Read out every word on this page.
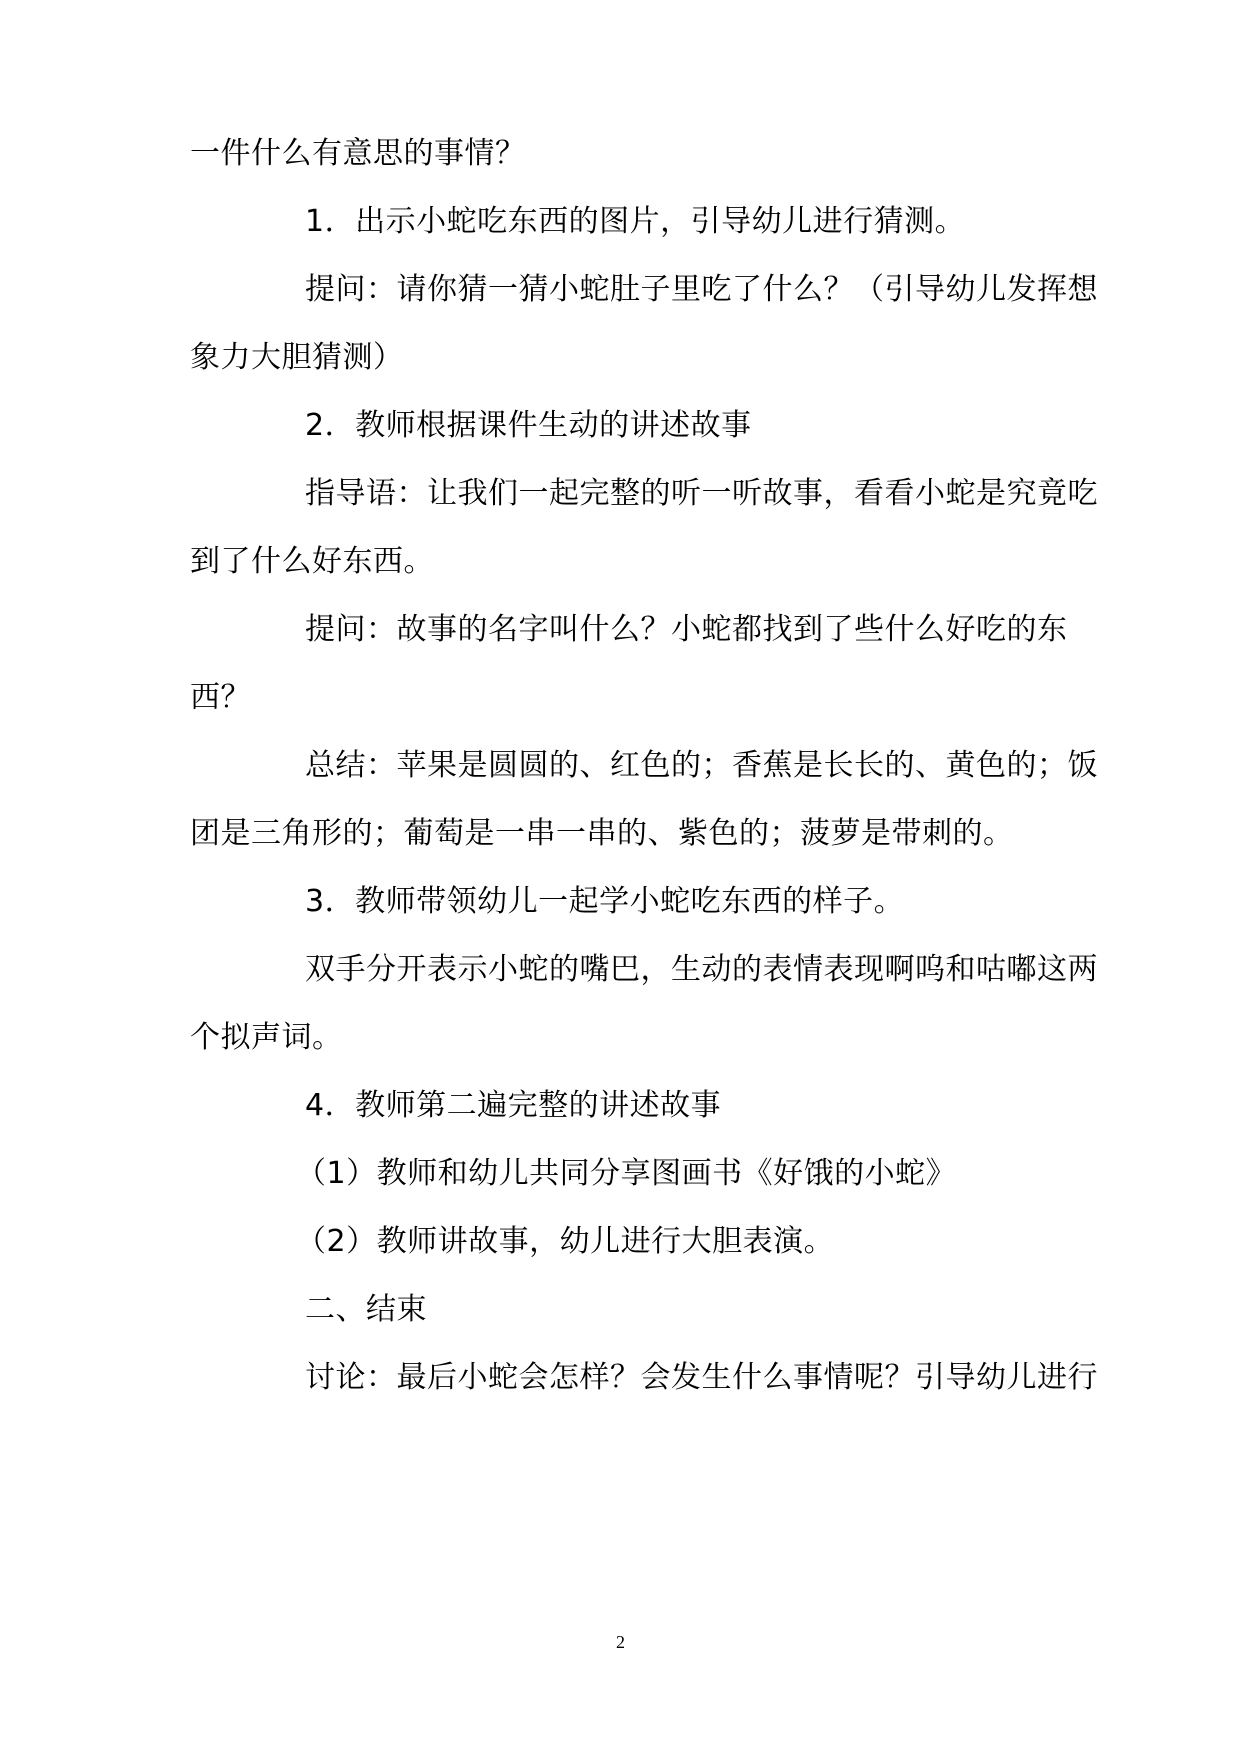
一件什么有意思的事情？
1．出示小蛇吃东西的图片，引导幼儿进行猜测。
提问：请你猜一猜小蛇肚子里吃了什么？（引导幼儿发挥想
象力大胆猜测）
2．教师根据课件生动的讲述故事
指导语：让我们一起完整的听一听故事，看看小蛇是究竟吃
到了什么好东西。
提问：故事的名字叫什么？小蛇都找到了些什么好吃的东
西？
总结：苹果是圆圆的、红色的；香蕉是长长的、黄色的；饭
团是三角形的；葡萄是一串一串的、紫色的；菠萝是带刺的。
3．教师带领幼儿一起学小蛇吃东西的样子。
双手分开表示小蛇的嘴巴，生动的表情表现啊呜和咕嘟这两
个拟声词。
4．教师第二遍完整的讲述故事
（1）教师和幼儿共同分享图画书《好饿的小蛇》
（2）教师讲故事，幼儿进行大胆表演。
二、结束
讨论：最后小蛇会怎样？会发生什么事情呢？引导幼儿进行
2
